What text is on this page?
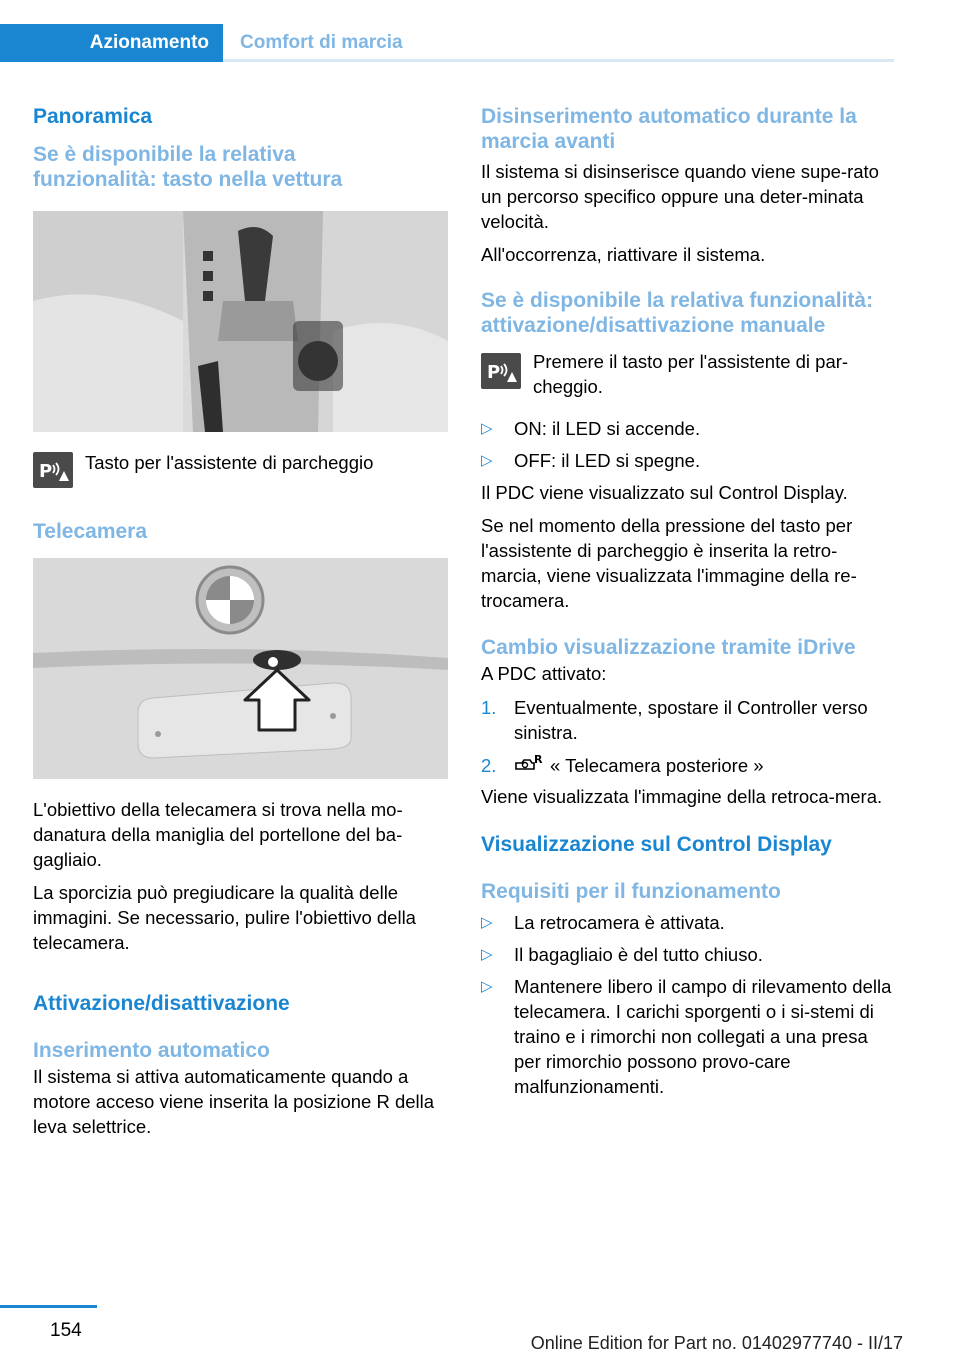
Azionamento	Comfort di marcia
Panoramica
Se è disponibile la relativa funzionalità: tasto nella vettura
P Tasto per l'assistente di parcheggio

Telecamera

L'obiettivo della telecamera si trova nella mo-danatura della maniglia del portellone del ba-gagliaio.

La sporcizia può pregiudicare la qualità delle immagini. Se necessario, pulire l'obiettivo della telecamera.

Attivazione/disattivazione
Inserimento automatico

Il sistema si attiva automaticamente quando a motore acceso viene inserita la posizione R della leva selettrice.

Disinserimento automatico durante la marcia avanti

Il sistema si disinserisce quando viene supe-rato un percorso specifico oppure una deter-minata velocità.

All'occorrenza, riattivare il sistema.

Se è disponibile la relativa funzionalità: attivazione/disattivazione manuale
P

Premere il tasto per l'assistente di par-cheggio.

▷	ON: il LED si accende.

▷	OFF: il LED si spegne.

Il PDC viene visualizzato sul Control Display.

Se nel momento della pressione del tasto per l'assistente di parcheggio è inserita la retro-marcia, viene visualizzata l'immagine della re-trocamera.

Cambio visualizzazione tramite iDrive

A PDC attivato:

1. Eventualmente, spostare il Controller verso sinistra.

2.	R « Telecamera posteriore »

Viene visualizzata l'immagine della retroca-mera.

Visualizzazione sul Control Display
Requisiti per il funzionamento
▷	La retrocamera è attivata.

▷	Il bagagliaio è del tutto chiuso.

▷	Mantenere libero il campo di rilevamento della telecamera. I carichi sporgenti o i si-stemi di traino e i rimorchi non collegati a una presa per rimorchio possono provo-care malfunzionamenti.

154
Online Edition for Part no. 01402977740 - II/17
